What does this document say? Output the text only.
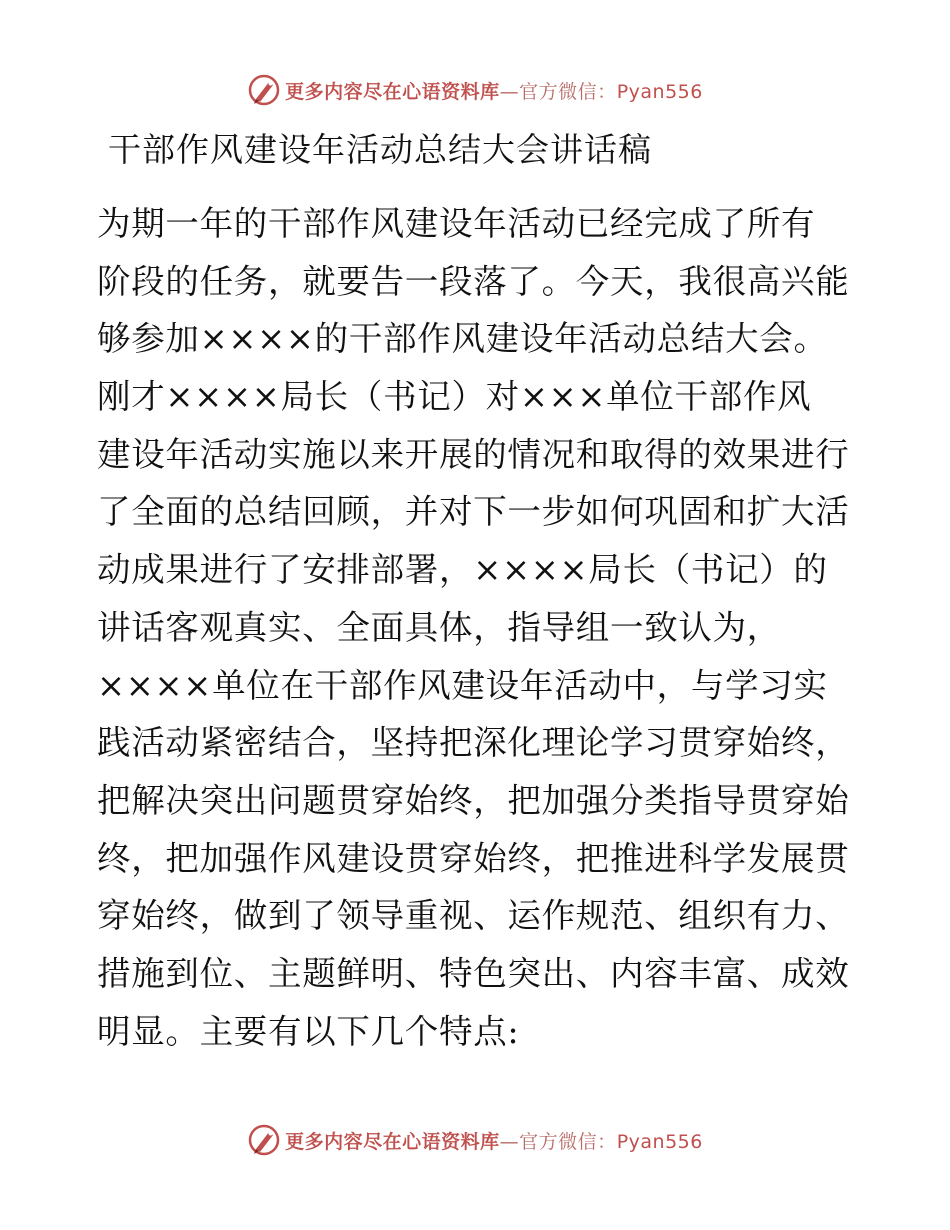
更多内容尽在心语资料库—官方微信：Pyan556
干部作风建设年活动总结大会讲话稿
为期一年的干部作风建设年活动已经完成了所有
阶段的任务，就要告一段落了。今天，我很高兴能
够参加××××的干部作风建设年活动总结大会。
刚才××××局长（书记）对×××单位干部作风
建设年活动实施以来开展的情况和取得的效果进行
了全面的总结回顾，并对下一步如何巩固和扩大活
动成果进行了安排部署，××××局长（书记）的
讲话客观真实、全面具体，指导组一致认为，
××××单位在干部作风建设年活动中，与学习实
践活动紧密结合，坚持把深化理论学习贯穿始终，
把解决突出问题贯穿始终，把加强分类指导贯穿始
终，把加强作风建设贯穿始终，把推进科学发展贯
穿始终，做到了领导重视、运作规范、组织有力、
措施到位、主题鲜明、特色突出、内容丰富、成效
明显。主要有以下几个特点:
更多内容尽在心语资料库—官方微信：Pyan556
